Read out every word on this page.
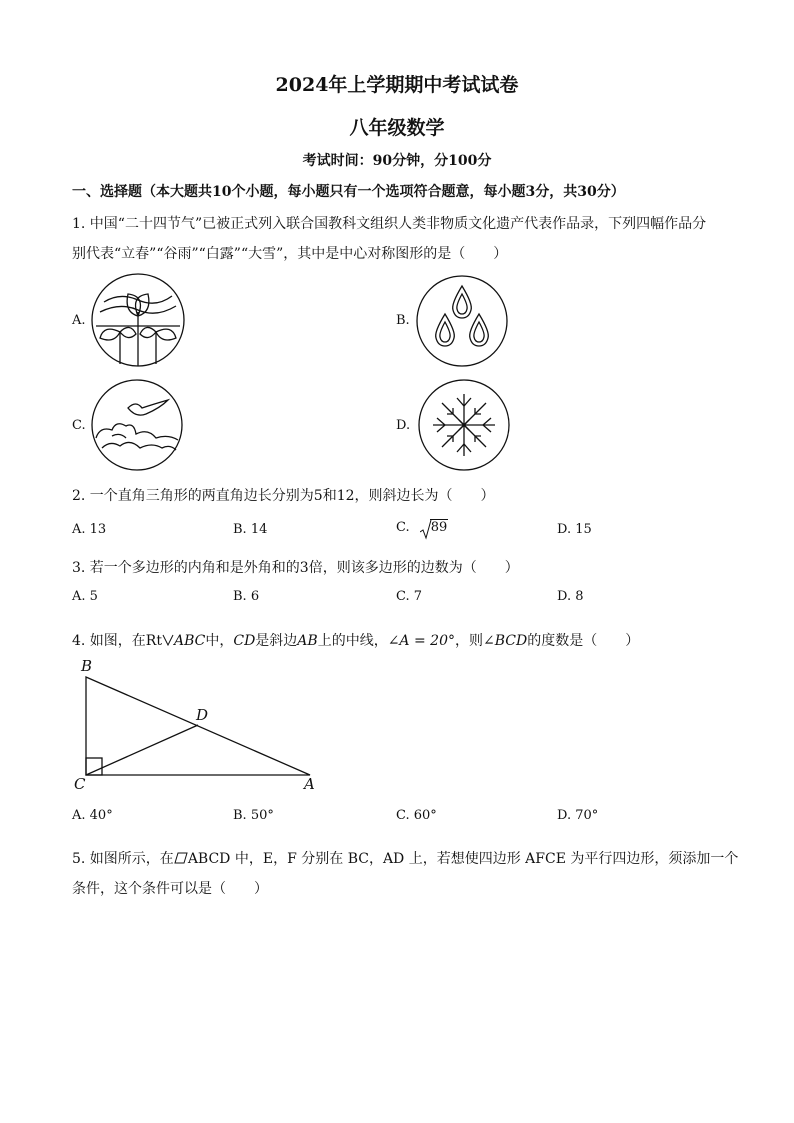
2024年上学期期中考试试卷
八年级数学
考试时间：90分钟，分100分
一、选择题（本大题共10个小题，每小题只有一个选项符合题意，每小题3分，共30分）
1. 中国“二十四节气”已被正式列入联合国教科文组织人类非物质文化遗产代表作品录，下列四幅作品分
别代表“立春”“谷雨”“白露”“大雪”，其中是中心对称图形的是（　　）
A.	B.
C.	D.
2. 一个直角三角形的两直角边长分别为5和12，则斜边长为（　　）
A. 13	B. 14	C. 89	D. 15
3. 若一个多边形的内角和是外角和的3倍，则该多边形的边数为（　　）
A. 5	B. 6	C. 7	D. 8
4. 如图，在Rt ABC中，CD是斜边AB上的中线，∠A = 20°，则∠BCD的度数是（　　）
B
D
C	A
A. 40°	B. 50°	C. 60°	D. 70°
5. 如图所示，在 ABCD 中，E，F 分别在 BC，AD 上，若想使四边形 AFCE 为平行四边形，须添加一个
条件，这个条件可以是（　　）
